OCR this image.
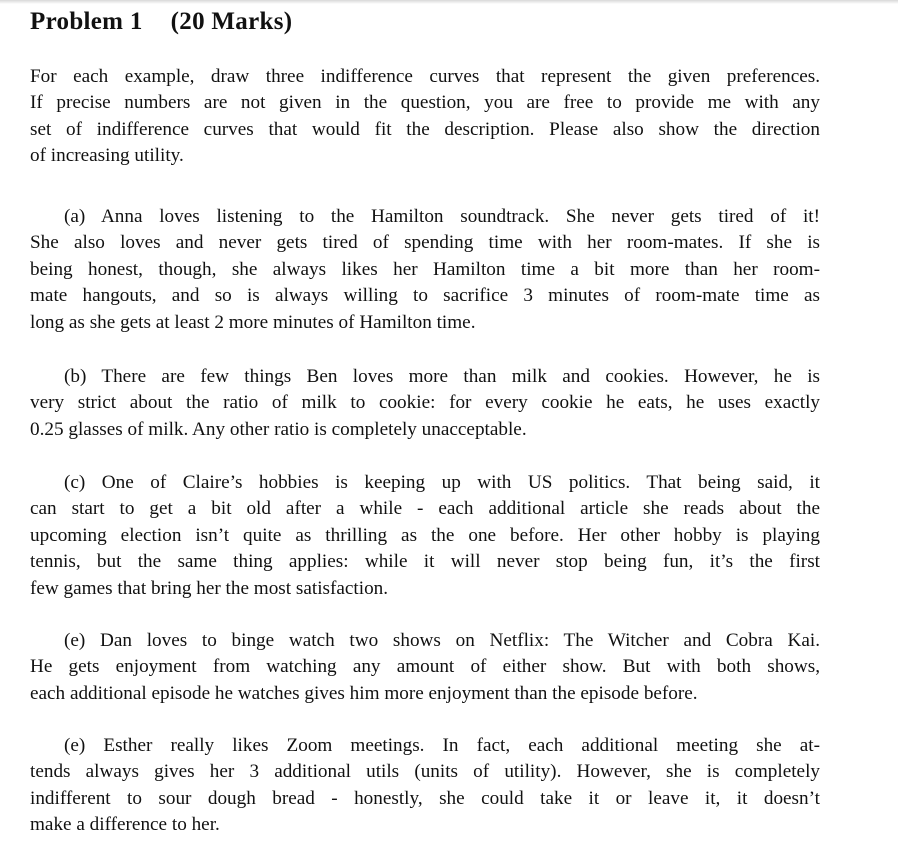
Problem 1 (20 Marks)
For each example, draw three indifference curves that represent the given preferences.
If precise numbers are not given in the question, you are free to provide me with any
set of indifference curves that would fit the description. Please also show the direction
of increasing utility.
(a) Anna loves listening to the Hamilton soundtrack. She never gets tired of it!
She also loves and never gets tired of spending time with her room-mates. If she is
being honest, though, she always likes her Hamilton time a bit more than her room-
mate hangouts, and so is always willing to sacrifice 3 minutes of room-mate time as
long as she gets at least 2 more minutes of Hamilton time.
(b) There are few things Ben loves more than milk and cookies. However, he is
very strict about the ratio of milk to cookie: for every cookie he eats, he uses exactly
0.25 glasses of milk. Any other ratio is completely unacceptable.
(c) One of Claire’s hobbies is keeping up with US politics. That being said, it
can start to get a bit old after a while - each additional article she reads about the
upcoming election isn’t quite as thrilling as the one before. Her other hobby is playing
tennis, but the same thing applies: while it will never stop being fun, it’s the first
few games that bring her the most satisfaction.
(e) Dan loves to binge watch two shows on Netflix: The Witcher and Cobra Kai.
He gets enjoyment from watching any amount of either show. But with both shows,
each additional episode he watches gives him more enjoyment than the episode before.
(e) Esther really likes Zoom meetings. In fact, each additional meeting she at-
tends always gives her 3 additional utils (units of utility). However, she is completely
indifferent to sour dough bread - honestly, she could take it or leave it, it doesn’t
make a difference to her.
